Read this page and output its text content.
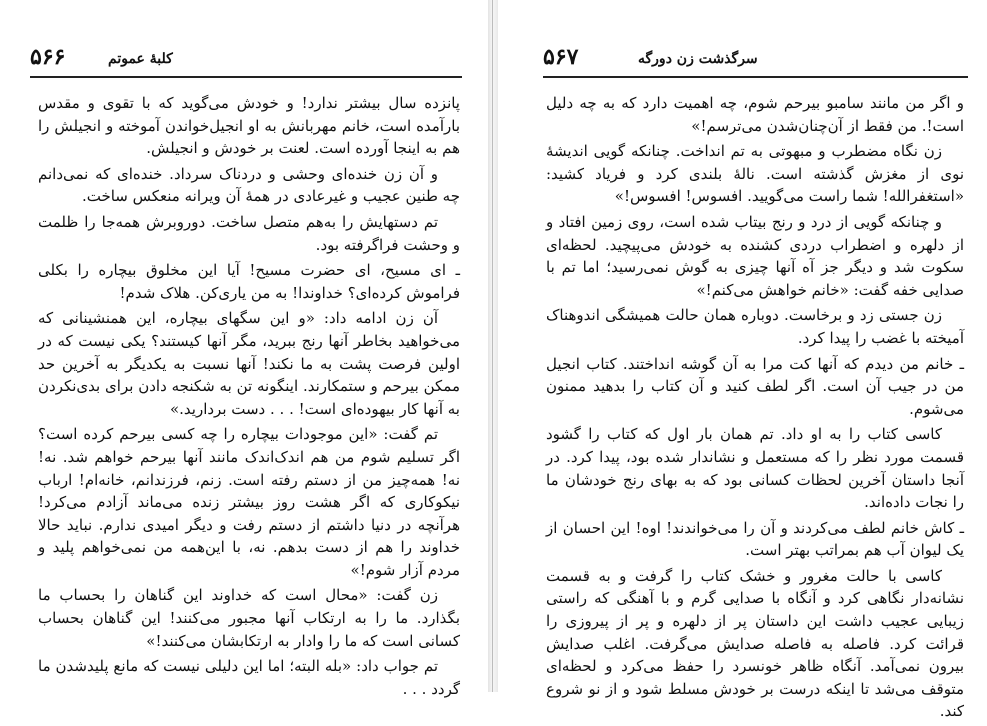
۵۶۶	کلبهٔ عموتم

پانزده سال بیشتر ندارد! و خودش می‌گوید که با تقوی و مقدس بارآمده است، خانم مهربانش به او انجیل‌خواندن آموخته و انجیلش را هم به اینجا آورده است. لعنت بر خودش و انجیلش.

و آن زن خنده‌ای وحشی و دردناک سرداد. خنده‌ای که نمی‌دانم چه طنین عجیب و غیرعادی در همهٔ آن ویرانه منعکس ساخت.

تم دستهایش را به‌هم متصل ساخت. دوروبرش همه‌جا را ظلمت و وحشت فراگرفته بود.

ـ ای مسیح، ای حضرت مسیح! آیا این مخلوق بیچاره را بکلی فراموش کرده‌ای؟ خداوندا! به من یاری‌کن. هلاک شدم!

آن زن ادامه داد: «و این سگهای بیچاره، این همنشینانی که می‌خواهید بخاطر آنها رنج ببرید، مگر آنها کیستند؟ یکی نیست که در اولین فرصت پشت به ما نکند! آنها نسبت به یکدیگر به آخرین حد ممکن بیرحم و ستمکارند. اینگونه تن به شکنجه دادن برای بدی‌نکردن به آنها کار بیهوده‌ای است! . . . دست بردارید.»

تم گفت: «این موجودات بیچاره را چه کسی بیرحم کرده است؟ اگر تسلیم شوم من هم اندک‌اندک مانند آنها بیرحم خواهم شد. نه! نه! همه‌چیز من از دستم رفته است. زنم، فرزندانم، خانه‌ام! ارباب نیکوکاری که اگر هشت روز بیشتر زنده می‌ماند آزادم می‌کرد! هرآنچه در دنیا داشتم از دستم رفت و دیگر امیدی ندارم. نباید حالا خداوند را هم از دست بدهم. نه، با این‌همه من نمی‌خواهم پلید و مردم آزار شوم!»

زن گفت: «محال است که خداوند این گناهان را بحساب ما بگذارد. ما را به ارتکاب آنها مجبور می‌کنند! این گناهان بحساب کسانی است که ما را وادار به ارتکابشان می‌کنند!»

تم جواب داد: «بله البته؛ اما این دلیلی نیست که مانع پلیدشدن ما گردد . . .

۵۶۷	سرگذشت زن دورگه

و اگر من مانند سامبو بیرحم شوم، چه اهمیت دارد که به چه دلیل است!. من فقط از آن‌چنان‌شدن می‌ترسم!»

زن نگاه مضطرب و مبهوتی به تم انداخت. چنانکه گویی اندیشهٔ نوی از مغزش گذشته است. نالهٔ بلندی کرد و فریاد کشید: «استغفرالله! شما راست می‌گویید. افسوس! افسوس!»

و چنانکه گویی از درد و رنج بیتاب شده است، روی زمین افتاد و از دلهره و اضطراب دردی کشنده به خودش می‌پیچید. لحظه‌ای سکوت شد و دیگر جز آه آنها چیزی به گوش نمی‌رسید؛ اما تم با صدایی خفه گفت: «خانم خواهش می‌کنم!»

زن جستی زد و برخاست. دوباره همان حالت همیشگی اندوهناک آمیخته با غضب را پیدا کرد.

ـ خانم من دیدم که آنها کت مرا به آن گوشه انداختند. کتاب انجیل من در جیب آن است. اگر لطف کنید و آن کتاب را بدهید ممنون می‌شوم.

کاسی کتاب را به او داد. تم همان بار اول که کتاب را گشود قسمت مورد نظر را که مستعمل و نشاندار شده بود، پیدا کرد. در آنجا داستان آخرین لحظات کسانی بود که به بهای رنج خودشان ما را نجات داده‌اند.

ـ کاش خانم لطف می‌کردند و آن را می‌خواندند! اوه! این احسان از یک لیوان آب هم بمراتب بهتر است.

کاسی با حالت مغرور و خشک کتاب را گرفت و به قسمت نشانه‌دار نگاهی کرد و آنگاه با صدایی گرم و با آهنگی که راستی زیبایی عجیب داشت این داستان پر از دلهره و پر از پیروزی را قرائت کرد. فاصله به فاصله صدایش می‌گرفت. اغلب صدایش بیرون نمی‌آمد. آنگاه ظاهر خونسرد را حفظ می‌کرد و لحظه‌ای متوقف می‌شد تا اینکه درست بر خودش مسلط شود و از نو شروع کند.
